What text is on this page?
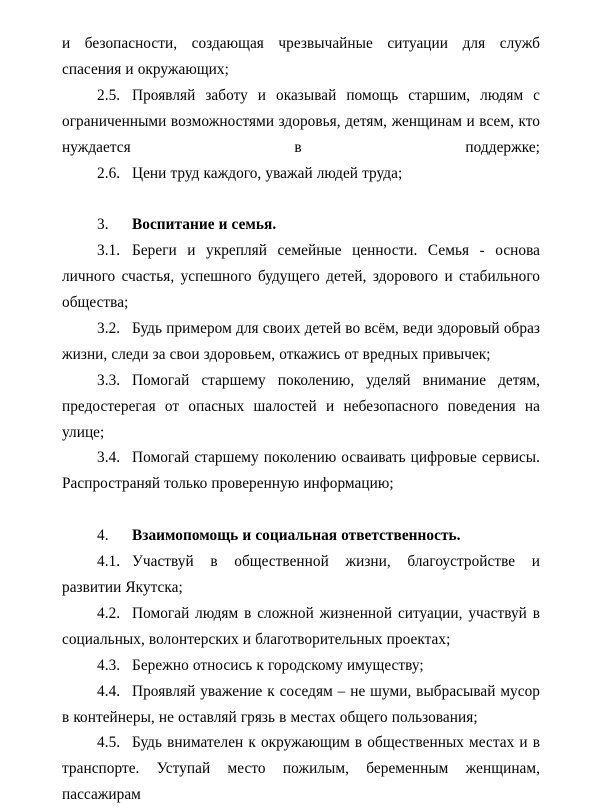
и безопасности, создающая чрезвычайные ситуации для служб спасения и окружающих;

2.5. Проявляй заботу и оказывай помощь старшим, людям с ограниченными возможностями здоровья, детям, женщинам и всем, кто нуждается в поддержке;

2.6. Цени труд каждого, уважай людей труда;

3. Воспитание и семья.

3.1. Береги и укрепляй семейные ценности. Семья - основа личного счастья, успешного будущего детей, здорового и стабильного общества;

3.2. Будь примером для своих детей во всём, веди здоровый образ жизни, следи за свои здоровьем, откажись от вредных привычек;

3.3. Помогай старшему поколению, уделяй внимание детям, предостерегая от опасных шалостей и небезопасного поведения на улице;

3.4. Помогай старшему поколению осваивать цифровые сервисы. Распространяй только проверенную информацию;

4. Взаимопомощь и социальная ответственность.

4.1. Участвуй в общественной жизни, благоустройстве и развитии Якутска;

4.2. Помогай людям в сложной жизненной ситуации, участвуй в социальных, волонтерских и благотворительных проектах;

4.3. Бережно относись к городскому имуществу;

4.4. Проявляй уважение к соседям – не шуми, выбрасывай мусор в контейнеры, не оставляй грязь в местах общего пользования;

4.5. Будь внимателен к окружающим в общественных местах и в транспорте. Уступай место пожилым, беременным женщинам, пассажирам
